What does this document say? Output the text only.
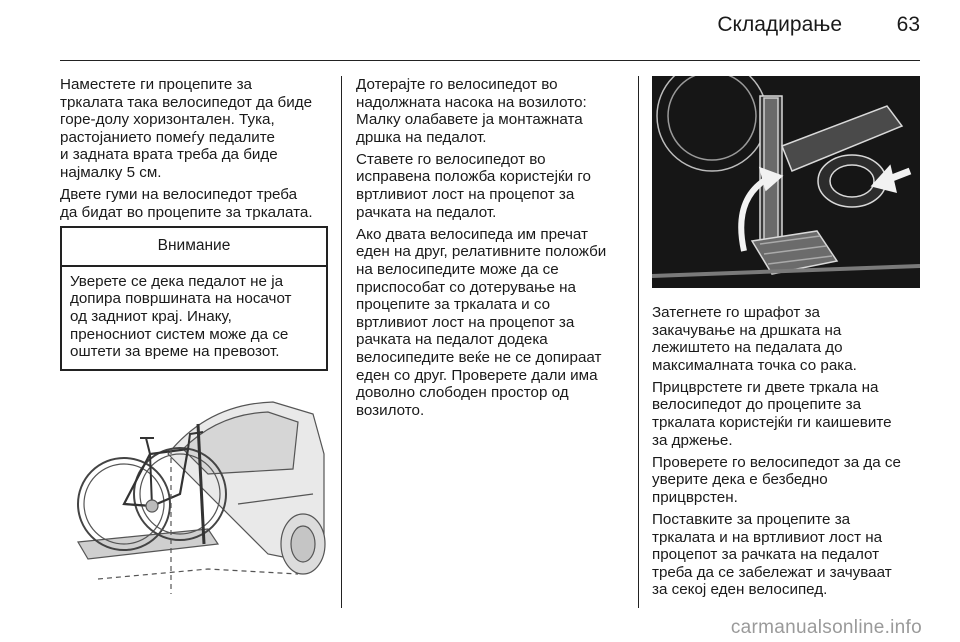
Складирање	63

Наместете ги процепите за
тркалата така велосипедот да биде
горе-долу хоризонтален. Тука,
растојанието помеѓу педалите
и задната врата треба да биде
најмалку 5 см.

Двете гуми на велосипедот треба
да бидат во процепите за тркалата.

Внимание
Уверете се дека педалот не ја
допира површината на носачот
од задниот крај. Инаку,
преносниот систем може да се
оштети за време на превозот.

Дотерајте го велосипедот во
надолжната насока на возилото:
Малку олабавете ја монтажната
дршка на педалот.

Ставете го велосипедот во
исправена положба користејќи го
вртливиот лост на процепот за
рачката на педалот.

Ако двата велосипеда им пречат
еден на друг, релативните положби
на велосипедите може да се
приспособат со дотерување на
процепите за тркалата и со
вртливиот лост на процепот за
рачката на педалот додека
велосипедите веќе не се допираат
еден со друг. Проверете дали има
доволно слободен простор од
возилото.

Затегнете го шрафот за
закачување на дршката на
лежиштето на педалата до
максималната точка со рака.

Прицврстете ги двете тркала на
велосипедот до процепите за
тркалата користејќи ги каишевите
за држење.

Проверете го велосипедот за да се
уверите дека е безбедно
прицврстен.

Поставките за процепите за
тркалата и на вртливиот лост на
процепот за рачката на педалот
треба да се забележат и зачуваат
за секој еден велосипед.

carmanualsonline.info
